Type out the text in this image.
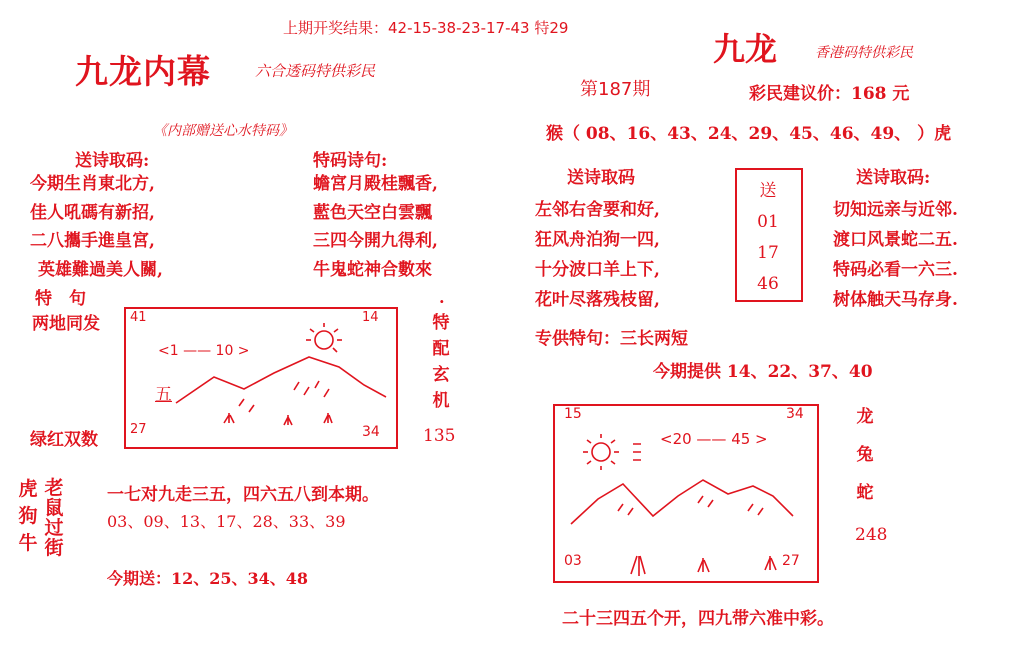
上期开奖结果：42-15-38-23-17-43 特29
九龙内幕	六合透码特供彩民
《内部赠送心水特码》
送诗取码:
今期生肖東北方,
佳人吼碼有新招,
二八攜手進皇宮,
英雄難過美人關,
特码诗句:
蟾宮月殿桂飄香,
藍色天空白雲飄
三四今開九得利,
牛鬼蛇神合數來
特　句
两地同发 41	14
27	34
<1 —— 10 >
五
特
配
玄
机
.
绿红双数	135
虎
狗
牛
老
鼠
过
街
一七对九走三五，四六五八到本期。
03、09、13、17、28、33、39
今期送：12、25、34、48
九龙	香港码特供彩民
第187期	彩民建议价：168 元
猴（ 08、16、43、24、29、45、46、49、 ）虎
送诗取码
左邻右舍要和好,
狂风舟泊狗一四,
十分波口羊上下,
花叶尽落残枝留,
送
01
17
46
送诗取码:
切知远亲与近邻.
渡口风景蛇二五.
特码必看一六三.
树体触天马存身.
专供特句：三长两短
今期提供 14、22、37、40
15	34
03	27
<20 —— 45 >
龙
兔
蛇
248
二十三四五个开，四九带六准中彩。
